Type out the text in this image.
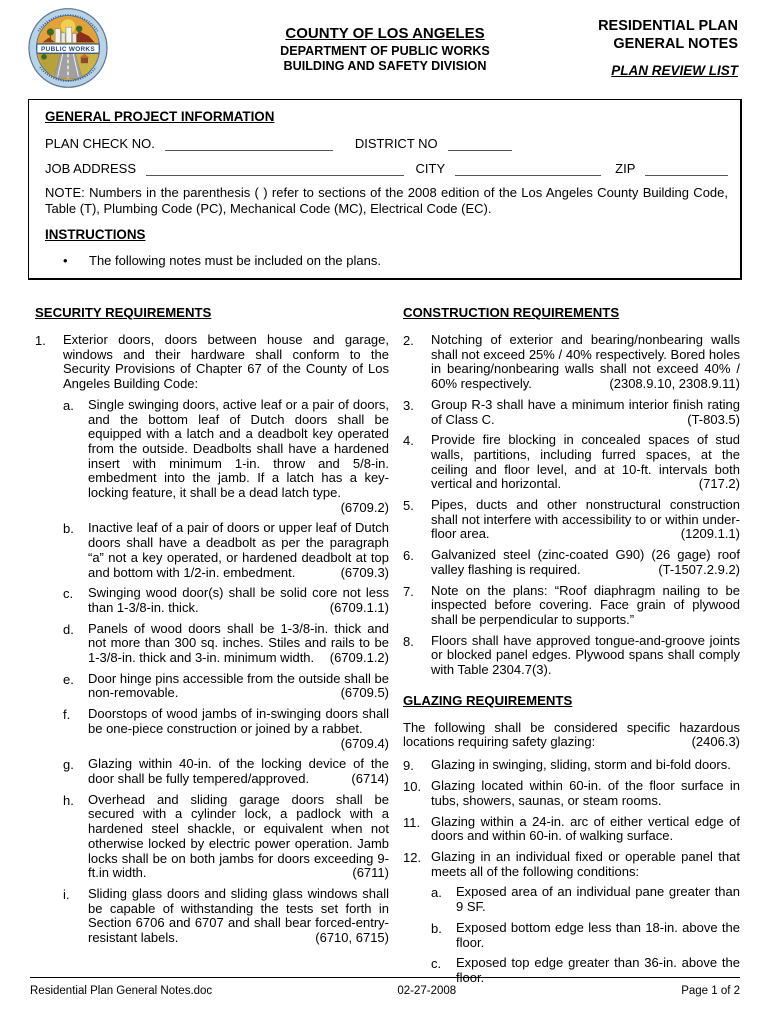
PUBLIC WORKS
COUNTY OF LOS ANGELES
DEPARTMENT OF PUBLIC WORKS
BUILDING AND SAFETY DIVISION
RESIDENTIAL PLAN
GENERAL NOTES
PLAN REVIEW LIST
GENERAL PROJECT INFORMATION
PLAN CHECK NO.	DISTRICT NO
JOB ADDRESS	CITY	ZIP
NOTE: Numbers in the parenthesis ( ) refer to sections of the 2008 edition of the Los Angeles County Building Code, Table (T), Plumbing Code (PC), Mechanical Code (MC), Electrical Code (EC).
INSTRUCTIONS
•	The following notes must be included on the plans.
SECURITY REQUIREMENTS
1.	Exterior doors, doors between house and garage, windows and their hardware shall conform to the Security Provisions of Chapter 67 of the County of Los Angeles Building Code:
a.	Single swinging doors, active leaf or a pair of doors, and the bottom leaf of Dutch doors shall be equipped with a latch and a deadbolt key operated from the outside. Deadbolts shall have a hardened insert with minimum 1-in. throw and 5/8-in. embedment into the jamb. If a latch has a key-locking feature, it shall be a dead latch type.
(6709.2)
b.	Inactive leaf of a pair of doors or upper leaf of Dutch doors shall have a deadbolt as per the paragraph “a” not a key operated, or hardened deadbolt at top and bottom with 1/2-in. embedment.	(6709.3)
c.	Swinging wood door(s) shall be solid core not less than 1-3/8-in. thick.	(6709.1.1)
d.	Panels of wood doors shall be 1-3/8-in. thick and not more than 300 sq. inches. Stiles and rails to be 1-3/8-in. thick and 3-in. minimum width.	(6709.1.2)
e.	Door hinge pins accessible from the outside shall be non-removable.	(6709.5)
f.	Doorstops of wood jambs of in-swinging doors shall be one-piece construction or joined by a rabbet.
(6709.4)
g.	Glazing within 40-in. of the locking device of the door shall be fully tempered/approved.	(6714)
h.	Overhead and sliding garage doors shall be secured with a cylinder lock, a padlock with a hardened steel shackle, or equivalent when not otherwise locked by electric power operation. Jamb locks shall be on both jambs for doors exceeding 9-ft.in width.	(6711)
i.	Sliding glass doors and sliding glass windows shall be capable of withstanding the tests set forth in Section 6706 and 6707 and shall bear forced-entry-resistant labels.	(6710, 6715)
CONSTRUCTION REQUIREMENTS
2.	Notching of exterior and bearing/nonbearing walls shall not exceed 25% / 40% respectively. Bored holes in bearing/nonbearing walls shall not exceed 40% / 60% respectively.	(2308.9.10, 2308.9.11)
3.	Group R-3 shall have a minimum interior finish rating of Class C.	(T-803.5)
4.	Provide fire blocking in concealed spaces of stud walls, partitions, including furred spaces, at the ceiling and floor level, and at 10-ft. intervals both vertical and horizontal.	(717.2)
5.	Pipes, ducts and other nonstructural construction shall not interfere with accessibility to or within under-floor area.	(1209.1.1)
6.	Galvanized steel (zinc-coated G90) (26 gage) roof valley flashing is required.	(T-1507.2.9.2)
7.	Note on the plans: “Roof diaphragm nailing to be inspected before covering. Face grain of plywood shall be perpendicular to supports.”
8.	Floors shall have approved tongue-and-groove joints or blocked panel edges. Plywood spans shall comply with Table 2304.7(3).
GLAZING REQUIREMENTS
The following shall be considered specific hazardous locations requiring safety glazing:	(2406.3)
9.	Glazing in swinging, sliding, storm and bi-fold doors.
10. Glazing located within 60-in. of the floor surface in tubs, showers, saunas, or steam rooms.
11. Glazing within a 24-in. arc of either vertical edge of doors and within 60-in. of walking surface.
12. Glazing in an individual fixed or operable panel that meets all of the following conditions:
a.	Exposed area of an individual pane greater than 9 SF.
b.	Exposed bottom edge less than 18-in. above the floor.
c.	Exposed top edge greater than 36-in. above the floor.
Residential Plan General Notes.doc	02-27-2008	Page 1 of 2
